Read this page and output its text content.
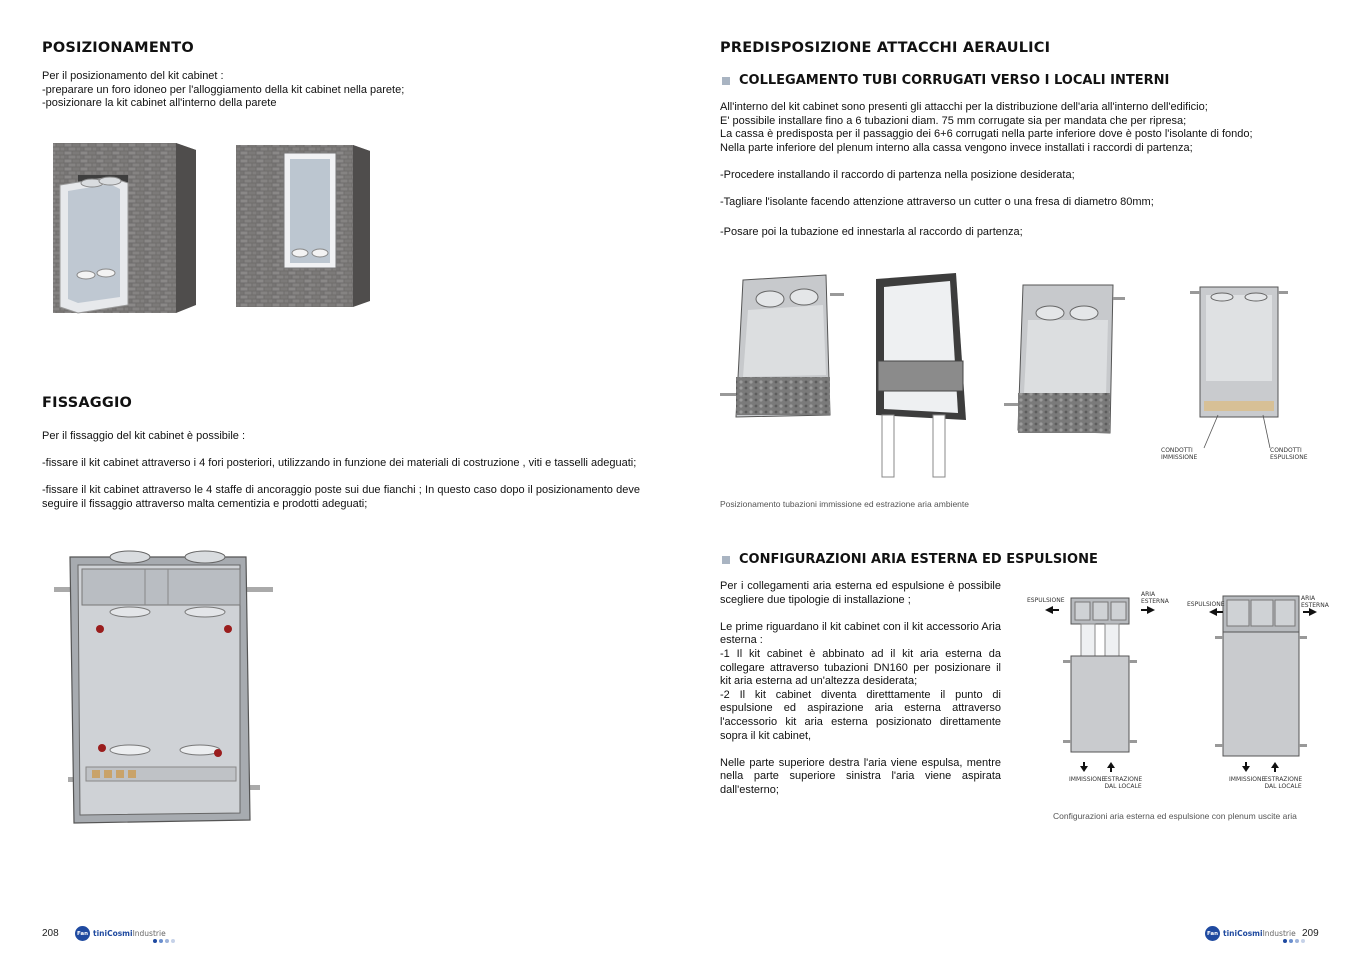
POSIZIONAMENTO

Per il posizionamento del kit cabinet :

-preparare un foro idoneo per l'alloggiamento della kit cabinet nella parete;

-posizionare la kit cabinet all'interno della parete

FISSAGGIO

Per il fissaggio del kit cabinet è possibile :

-fissare il kit cabinet attraverso i 4 fori posteriori, utilizzando in funzione dei materiali di costruzione , viti e tasselli adeguati;

-fissare il kit cabinet attraverso le 4 staffe di ancoraggio poste sui due fianchi ; In questo caso dopo il posizionamento deve seguire il fissaggio attraverso malta cementizia e prodotti adeguati;

208	Fan tiniCosmiIndustrie
PREDISPOSIZIONE ATTACCHI AERAULICI
COLLEGAMENTO TUBI CORRUGATI VERSO I LOCALI INTERNI

All'interno del kit cabinet sono presenti gli attacchi per la distribuzione dell'aria all'interno dell'edificio;

E' possibile installare fino a 6 tubazioni diam. 75 mm corrugate sia per mandata che per ripresa;

La cassa è predisposta per il passaggio dei 6+6 corrugati nella parte inferiore dove è posto l'isolante di fondo;

Nella parte inferiore del plenum interno alla cassa vengono invece installati i raccordi di partenza;

-Procedere installando il raccordo di partenza nella posizione desiderata;

-Tagliare l'isolante facendo attenzione attraverso un cutter o una fresa di diametro 80mm;

-Posare poi la tubazione ed innestarla al raccordo di partenza;

CONDOTTI
IMMISSIONE
CONDOTTI
ESPULSIONE
Posizionamento tubazioni immissione ed estrazione aria ambiente
CONFIGURAZIONI ARIA ESTERNA ED ESPULSIONE

Per i collegamenti aria esterna ed espulsione è possibile scegliere due tipologie di installazione ;

Le prime riguardano il kit cabinet con il kit accessorio Aria esterna :

-1 Il kit cabinet è abbinato ad il kit aria esterna da collegare attraverso tubazioni DN160 per posizionare il kit aria esterna ad un'altezza desiderata;

-2 Il kit cabinet diventa diretttamente il punto di espulsione ed aspirazione aria esterna attraverso l'accessorio kit aria esterna posizionato direttamente sopra il kit cabinet,

Nelle parte superiore destra l'aria viene espulsa, mentre nella parte superiore sinistra l'aria viene aspirata dall'esterno;

ESPULSIONE
ARIA
ESTERNA	ESPULSIONE
ARIA
ESTERNA
IMMISSIONE
ESTRAZIONE
DAL LOCALE
IMMISSIONE
ESTRAZIONE
DAL LOCALE
Configurazioni aria esterna ed espulsione con plenum uscite aria
Fan tiniCosmiIndustrie 209
